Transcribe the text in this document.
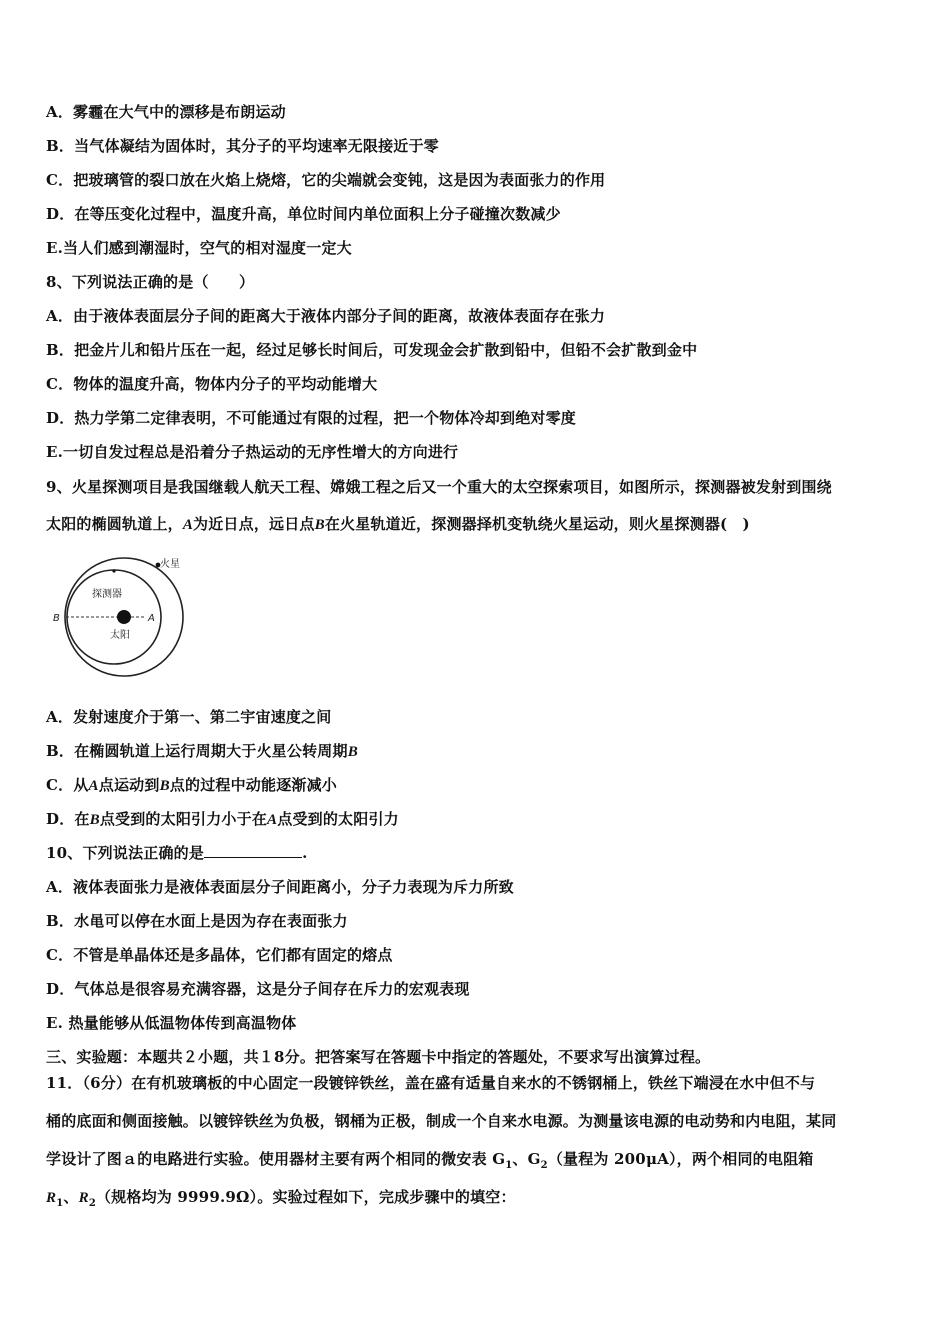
A．雾霾在大气中的漂移是布朗运动
B．当气体凝结为固体时，其分子的平均速率无限接近于零
C．把玻璃管的裂口放在火焰上烧熔，它的尖端就会变钝，这是因为表面张力的作用
D．在等压变化过程中，温度升高，单位时间内单位面积上分子碰撞次数减少
E.当人们感到潮湿时，空气的相对湿度一定大
8、下列说法正确的是（　　）
A．由于液体表面层分子间的距离大于液体内部分子间的距离，故液体表面存在张力
B．把金片儿和铅片压在一起，经过足够长时间后，可发现金会扩散到铅中，但铅不会扩散到金中
C．物体的温度升高，物体内分子的平均动能增大
D．热力学第二定律表明，不可能通过有限的过程，把一个物体冷却到绝对零度
E.一切自发过程总是沿着分子热运动的无序性增大的方向进行
9、火星探测项目是我国继载人航天工程、嫦娥工程之后又一个重大的太空探索项目，如图所示，探测器被发射到围绕
太阳的椭圆轨道上，A为近日点，远日点B在火星轨道近，探测器择机变轨绕火星运动，则火星探测器(　)
火星
探测器
太阳
A
B
A．发射速度介于第一、第二宇宙速度之间
B．在椭圆轨道上运行周期大于火星公转周期B
C．从A点运动到B点的过程中动能逐渐减小
D．在B点受到的太阳引力小于在A点受到的太阳引力
10、下列说法正确的是	.
A．液体表面张力是液体表面层分子间距离小，分子力表现为斥力所致
B．水黾可以停在水面上是因为存在表面张力
C．不管是单晶体还是多晶体，它们都有固定的熔点
D．气体总是很容易充满容器，这是分子间存在斥力的宏观表现
E. 热量能够从低温物体传到高温物体
三、实验题：本题共２小题，共１8分。把答案写在答题卡中指定的答题处，不要求写出演算过程。
11．（6分）在有机玻璃板的中心固定一段镀锌铁丝，盖在盛有适量自来水的不锈钢桶上，铁丝下端浸在水中但不与
桶的底面和侧面接触。以镀锌铁丝为负极，钢桶为正极，制成一个自来水电源。为测量该电源的电动势和内电阻，某同
学设计了图ａ的电路进行实验。使用器材主要有两个相同的微安表 $G_1$、$G_2$（量程为 200μA），两个相同的电阻箱
$R_1$、$R_2$（规格均为 9999.9Ω）。实验过程如下，完成步骤中的填空：
